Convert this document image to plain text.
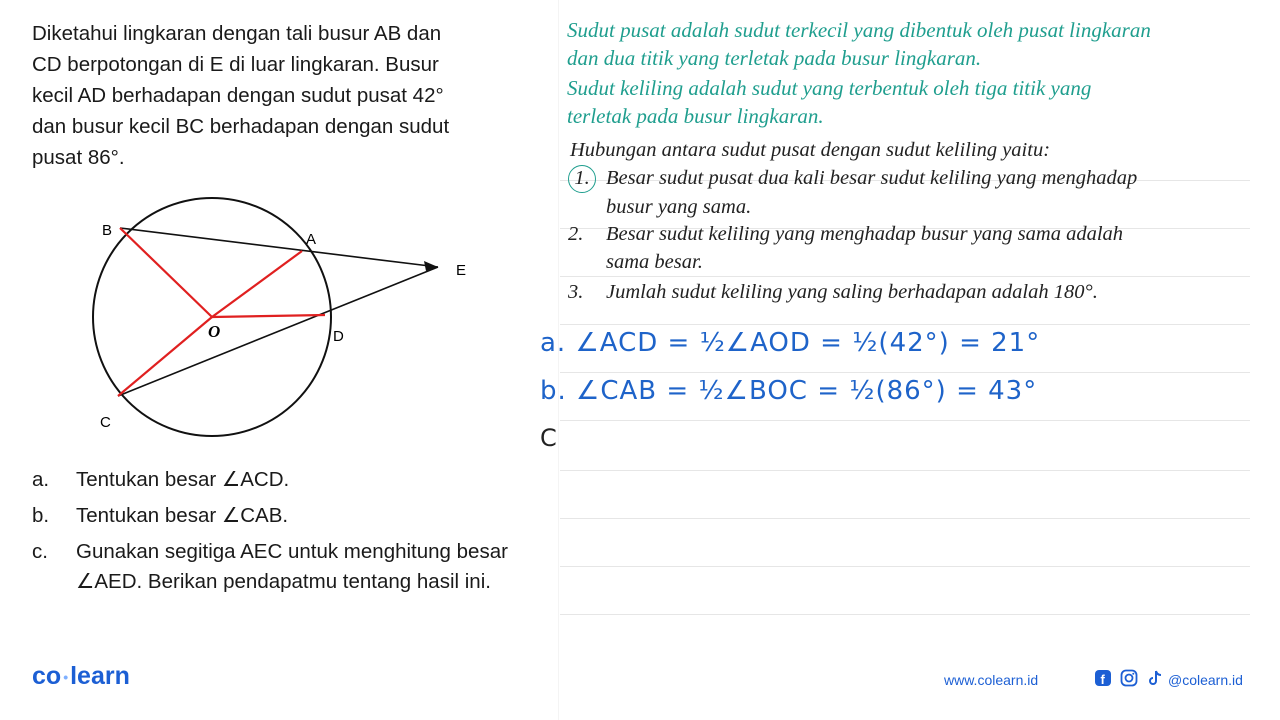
Diketahui lingkaran dengan tali busur AB dan

CD berpotongan di E di luar lingkaran. Busur

kecil AD berhadapan dengan sudut pusat 42°

dan busur kecil BC berhadapan dengan sudut

pusat 86°.

B
A
E
O	D
C
a.	Tentukan besar ∠ACD.
b.	Tentukan besar ∠CAB.
c.	Gunakan segitiga AEC untuk menghitung besar ∠AED. Berikan pendapatmu tentang hasil ini.
Sudut pusat adalah sudut terkecil yang dibentuk oleh pusat lingkaran
dan dua titik yang terletak pada busur lingkaran.
Sudut keliling adalah sudut yang terbentuk oleh tiga titik yang
terletak pada busur lingkaran.
Hubungan antara sudut pusat dengan sudut keliling yaitu:
1. Besar sudut pusat dua kali besar sudut keliling yang menghadap
busur yang sama.
2. Besar sudut keliling yang menghadap busur yang sama adalah
sama besar.
3. Jumlah sudut keliling yang saling berhadapan adalah 180°.
a. ∠ACD = ½∠AOD = ½(42°) = 21°
b. ∠CAB = ½∠BOC = ½(86°) = 43°
C
co •learn	www.colearn.id	f	@colearn.id
